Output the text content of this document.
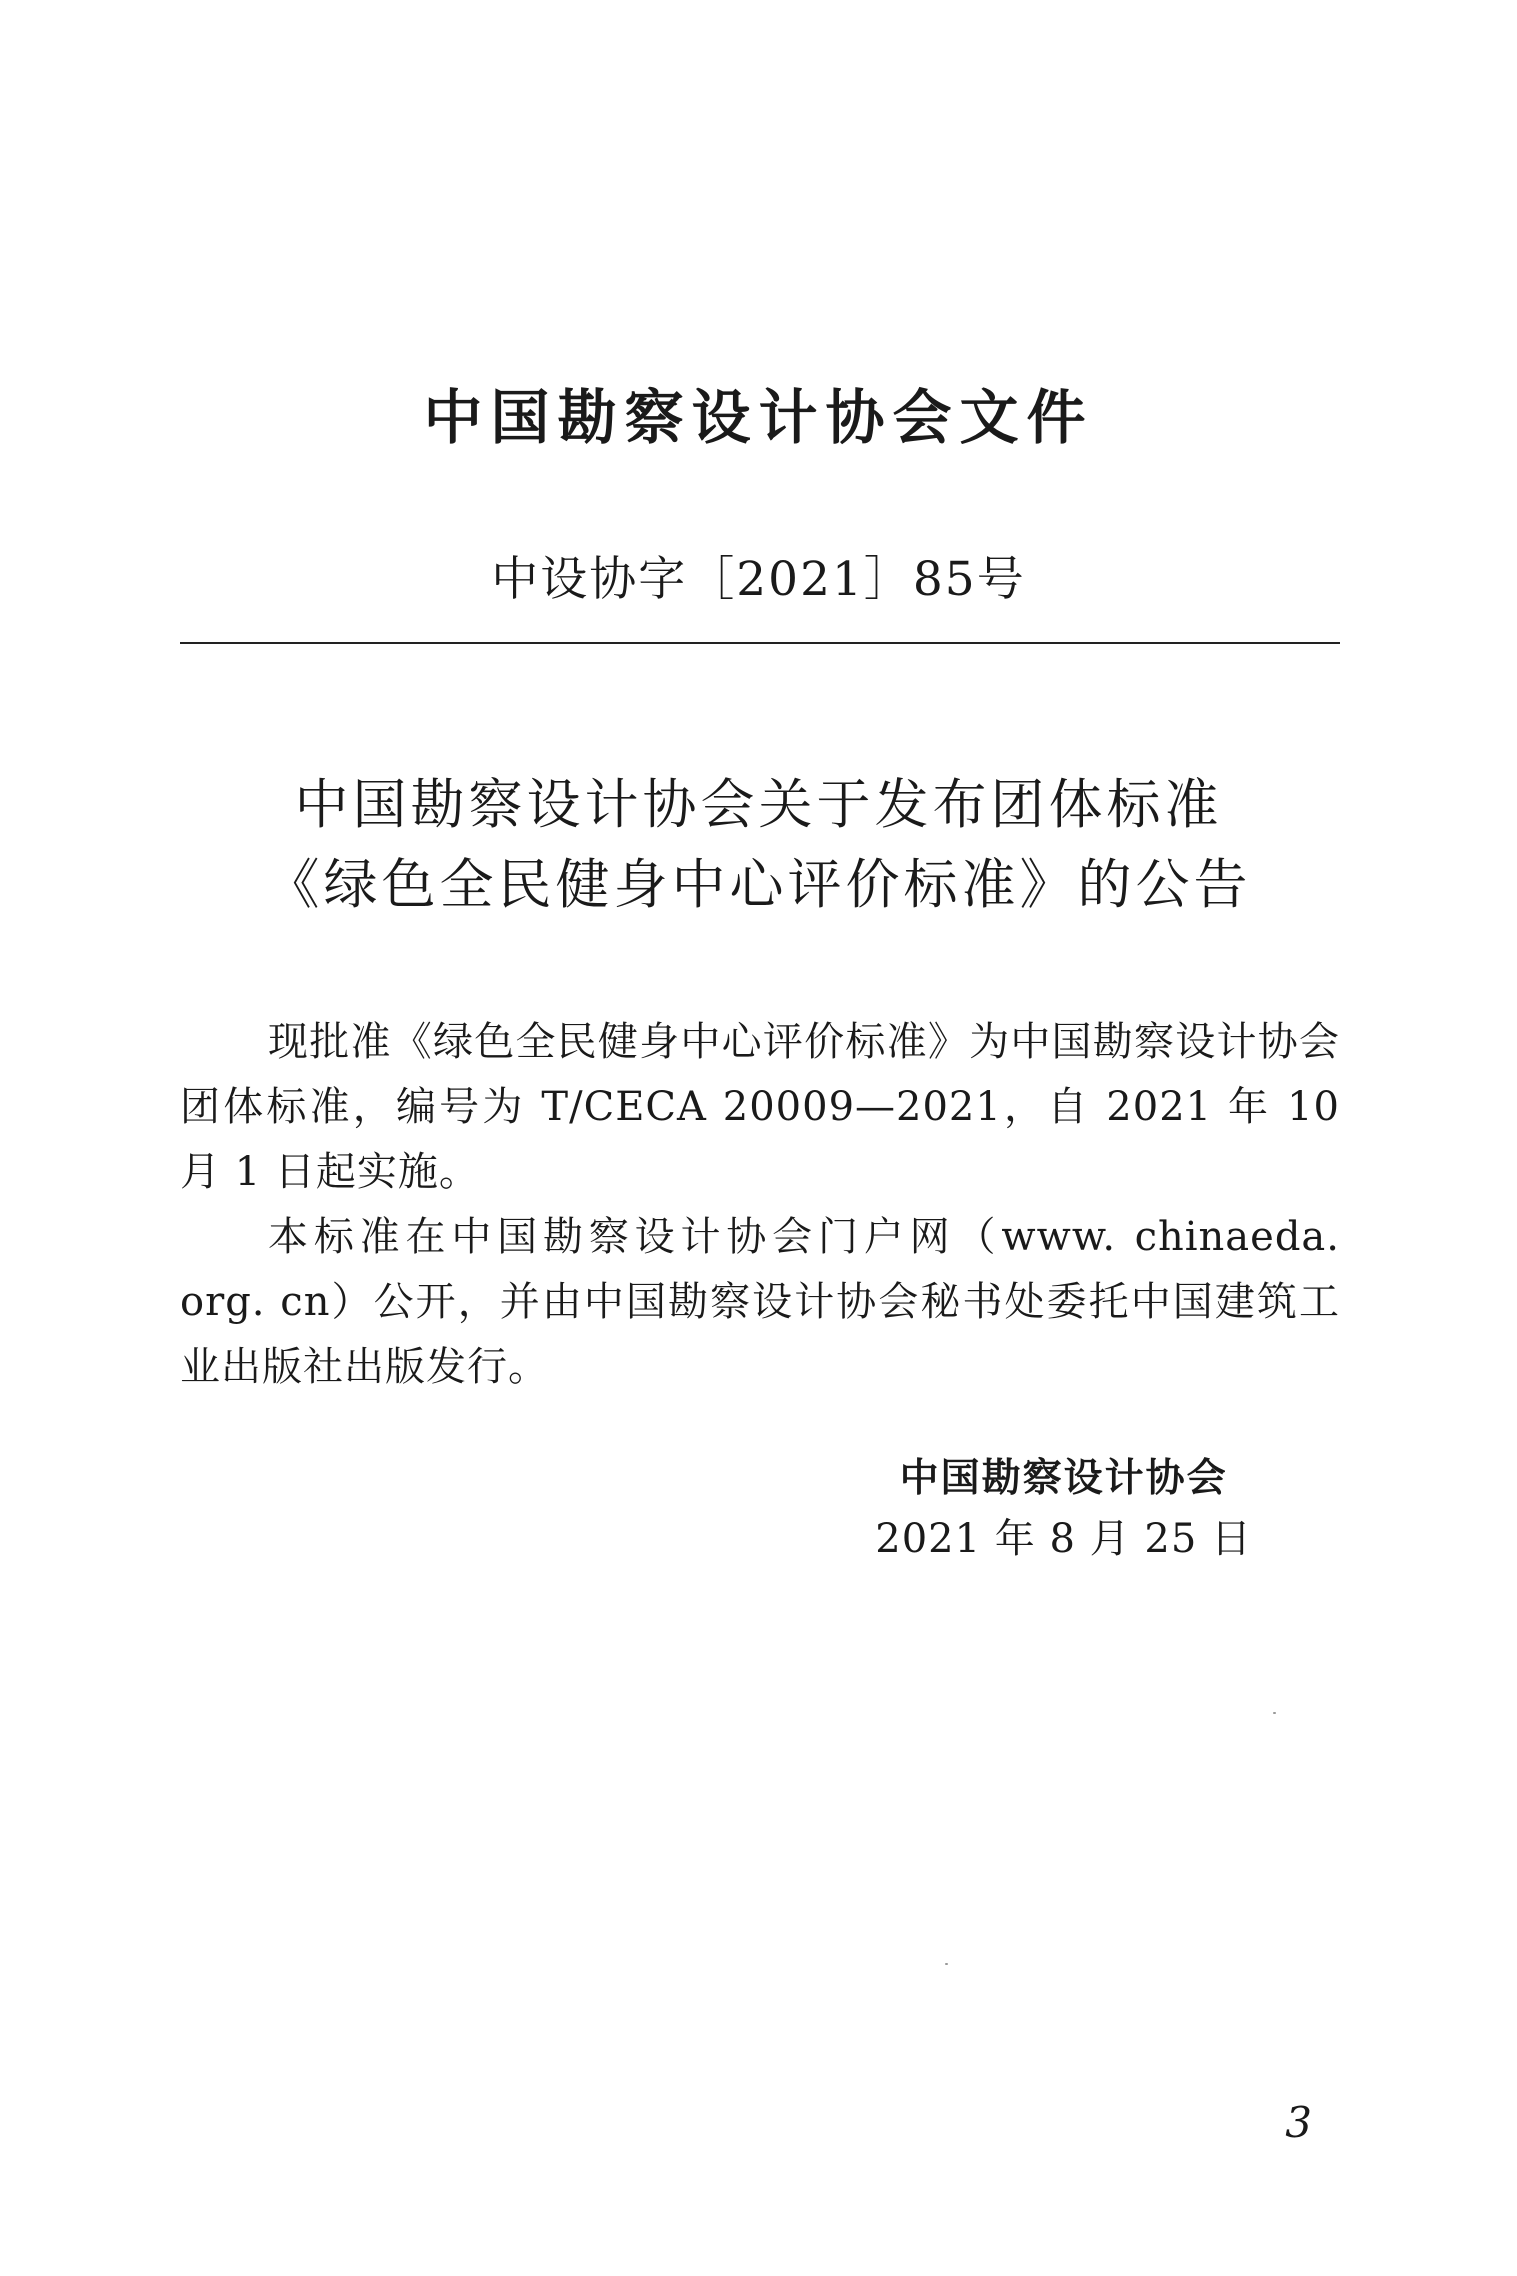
中国勘察设计协会文件
中设协字［2021］85号
中国勘察设计协会关于发布团体标准
《绿色全民健身中心评价标准》的公告

现批准《绿色全民健身中心评价标准》为中国勘察设计协会团体标准，编号为 T/CECA 20009—2021，自 2021 年 10 月 1 日起实施。

本标准在中国勘察设计协会门户网（www. chinaeda. org. cn）公开，并由中国勘察设计协会秘书处委托中国建筑工业出版社出版发行。

中国勘察设计协会
2021 年 8 月 25 日
3
